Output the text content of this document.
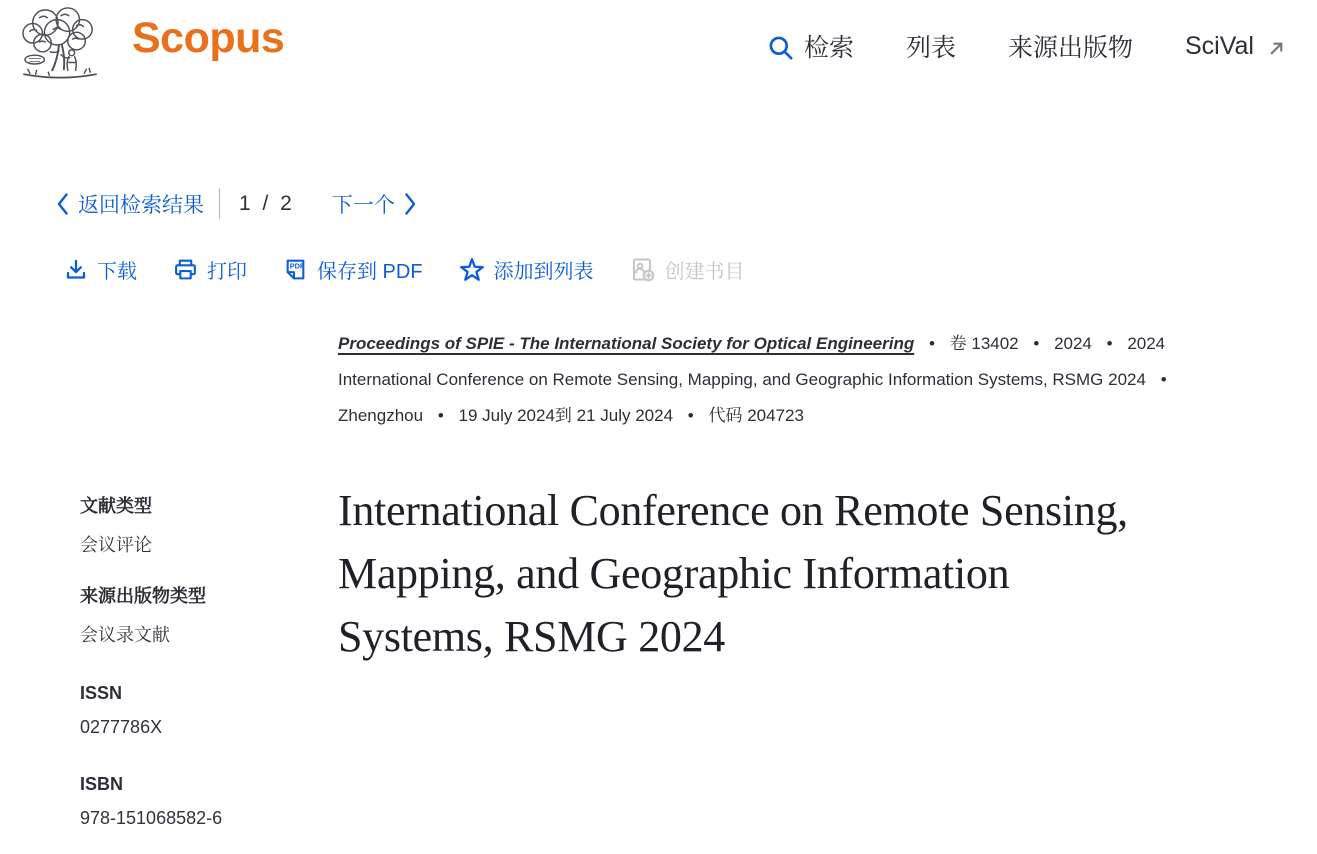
Scopus	检索 列表 来源出版物 SciVal
返回检索结果 1 / 2 下一个
下载	打印	PDF 保存到 PDF	添加到列表	创建书目
文献类型
会议评论
来源出版物类型
会议录文献
ISSN
0277786X
ISBN
978-151068582-6

Proceedings of SPIE - The International Society for Optical Engineering • 卷 13402 • 2024 • 2024 International Conference on Remote Sensing, Mapping, and Geographic Information Systems, RSMG 2024 • Zhengzhou • 19 July 2024到 21 July 2024 • 代码 204723

International Conference on Remote Sensing,
Mapping, and Geographic Information
Systems, RSMG 2024
